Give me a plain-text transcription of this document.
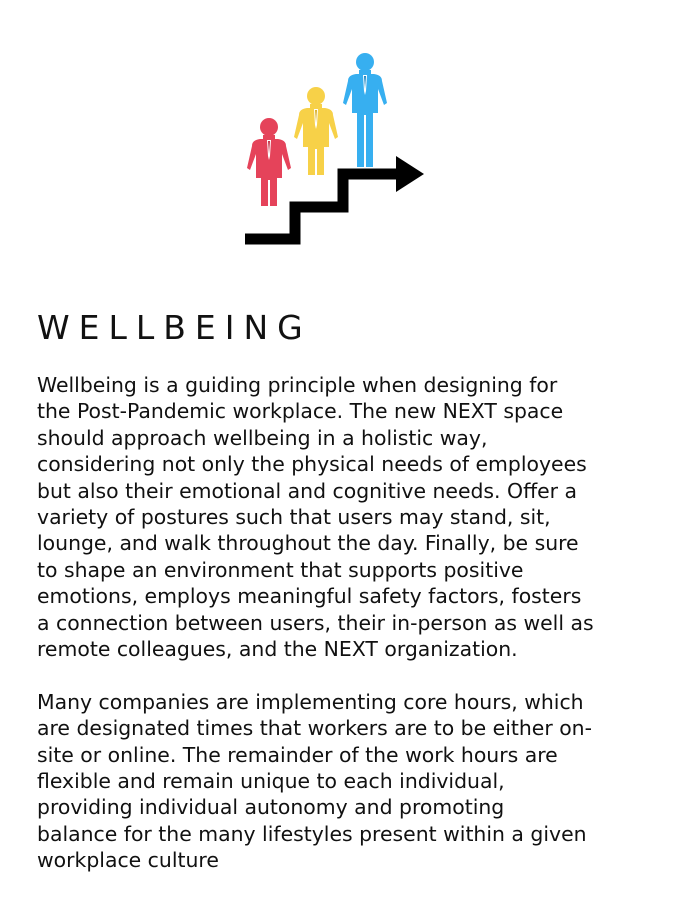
WELLBEING

Wellbeing is a guiding principle when designing for
the Post-Pandemic workplace. The new NEXT space
should approach wellbeing in a holistic way,
considering not only the physical needs of employees
but also their emotional and cognitive needs. Offer a
variety of postures such that users may stand, sit,
lounge, and walk throughout the day. Finally, be sure
to shape an environment that supports positive
emotions, employs meaningful safety factors, fosters
a connection between users, their in-person as well as
remote colleagues, and the NEXT organization.

Many companies are implementing core hours, which
are designated times that workers are to be either on-
site or online. The remainder of the work hours are
flexible and remain unique to each individual,
providing individual autonomy and promoting
balance for the many lifestyles present within a given
workplace culture
